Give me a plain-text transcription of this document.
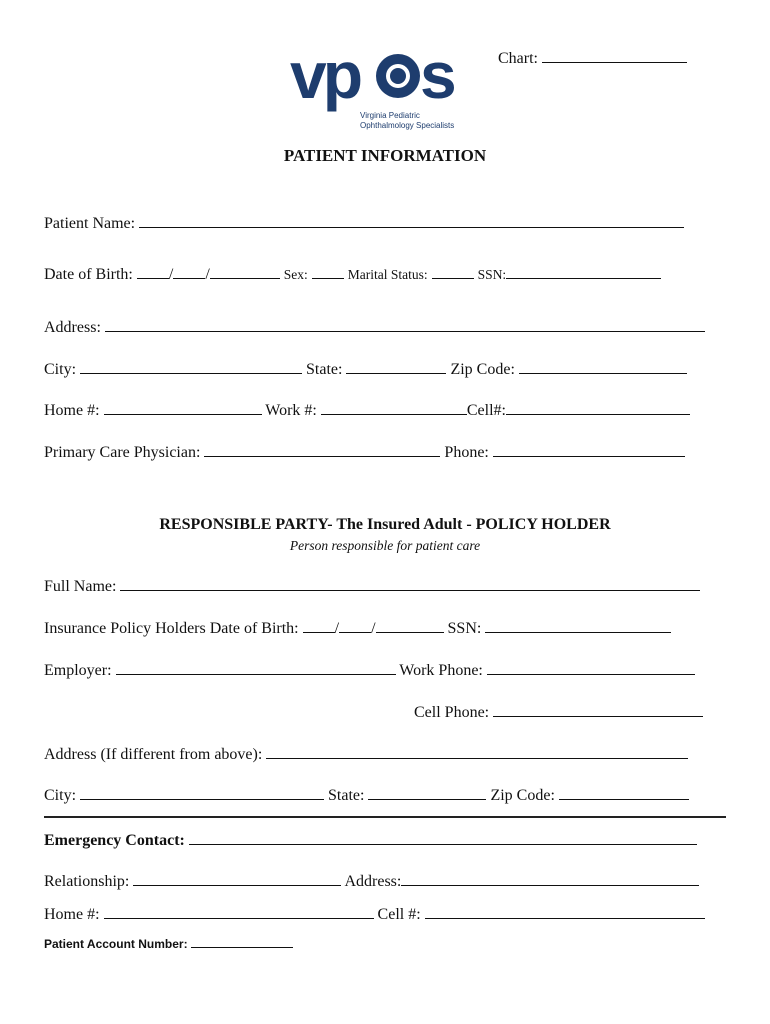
Chart:
vp s
Virginia Pediatric
Ophthalmology Specialists
PATIENT INFORMATION
Patient Name:
Date of Birth: / /	Sex:	Marital Status:	SSN:
Address:
City:	State:	Zip Code:
Home #:	Work #:	Cell#:
Primary Care Physician:	Phone:
RESPONSIBLE PARTY- The Insured Adult - POLICY HOLDER
Person responsible for patient care
Full Name:
Insurance Policy Holders Date of Birth: / /	SSN:
Employer:	Work Phone:
Cell Phone:
Address (If different from above):
City:	State:	Zip Code:
Emergency Contact:
Relationship:	Address:
Home #:	Cell #:
Patient Account Number:
